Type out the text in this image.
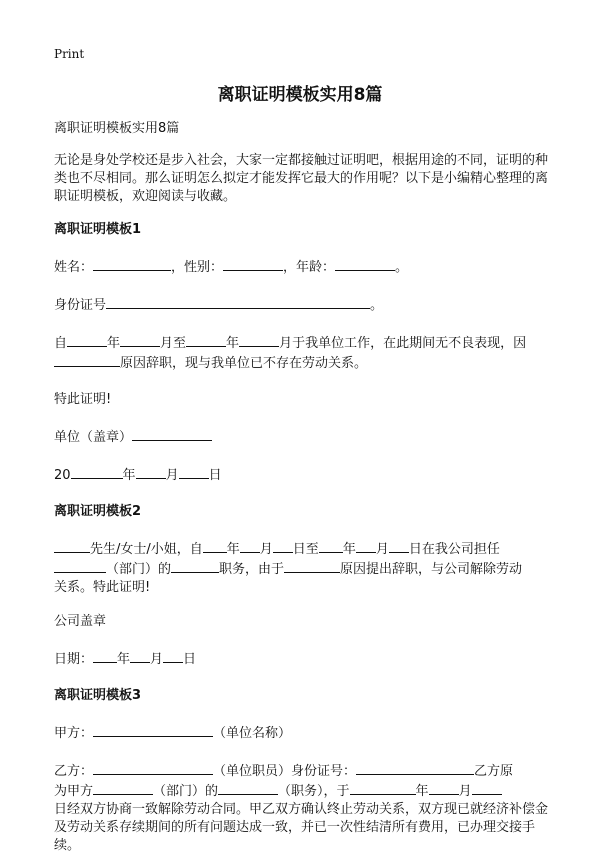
Print
离职证明模板实用8篇

离职证明模板实用8篇

无论是身处学校还是步入社会，大家一定都接触过证明吧，根据用途的不同，证明的种类也不尽相同。那么证明怎么拟定才能发挥它最大的作用呢？以下是小编精心整理的离职证明模板，欢迎阅读与收藏。

离职证明模板1

姓名：	，性别：	，年龄：	。

身份证号	。

自	年	月至	年	月于我单位工作，在此期间无不良表现，因
原因辞职，现与我单位已不存在劳动关系。

特此证明!

单位（盖章）

20	年 月 日

离职证明模板2

先生/女士/小姐，自 年 月 日至 年 月 日在我公司担任
（部门）的	职务，由于	原因提出辞职，与公司解除劳动
关系。特此证明!

公司盖章

日期： 年 月 日

离职证明模板3

甲方：	（单位名称）

乙方：	（单位职员）身份证号：	乙方原
为甲方	（部门）的	（职务），于	年 月
日经双方协商一致解除劳动合同。甲乙双方确认终止劳动关系，双方现已就经济补偿金及劳动关系存续期间的所有问题达成一致，并已一次性结清所有费用，已办理交接手续。
